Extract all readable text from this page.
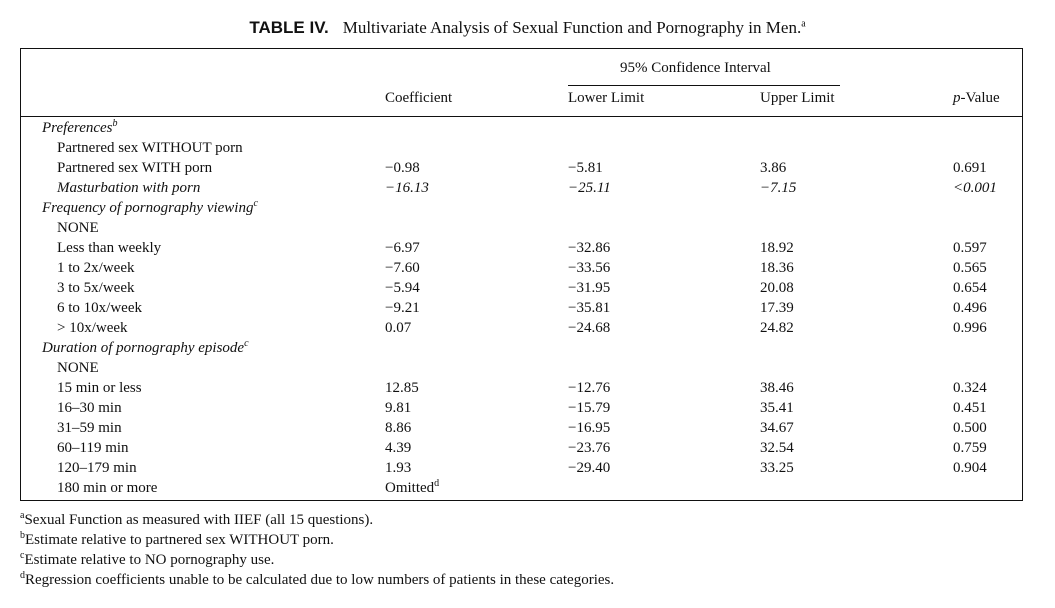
TABLE IV. Multivariate Analysis of Sexual Function and Pornography in Men.$^a$
95% Confidence Interval
Coefficient	Lower Limit	Upper Limit	p-Value
Preferences$^b$
Partnered sex WITHOUT porn
Partnered sex WITH porn	−0.98	−5.81	3.86	0.691
Masturbation with porn	−16.13	−25.11	−7.15	<0.001
Frequency of pornography viewing$^c$
NONE
Less than weekly	−6.97	−32.86	18.92	0.597
1 to 2x/week	−7.60	−33.56	18.36	0.565
3 to 5x/week	−5.94	−31.95	20.08	0.654
6 to 10x/week	−9.21	−35.81	17.39	0.496
> 10x/week	0.07	−24.68	24.82	0.996
Duration of pornography episode$^c$
NONE
15 min or less	12.85	−12.76	38.46	0.324
16–30 min	9.81	−15.79	35.41	0.451
31–59 min	8.86	−16.95	34.67	0.500
60–119 min	4.39	−23.76	32.54	0.759
120–179 min	1.93	−29.40	33.25	0.904
180 min or more	Omitted$^d$
$^a$Sexual Function as measured with IIEF (all 15 questions).
$^b$Estimate relative to partnered sex WITHOUT porn.
$^c$Estimate relative to NO pornography use.
$^d$Regression coefficients unable to be calculated due to low numbers of patients in these categories.
